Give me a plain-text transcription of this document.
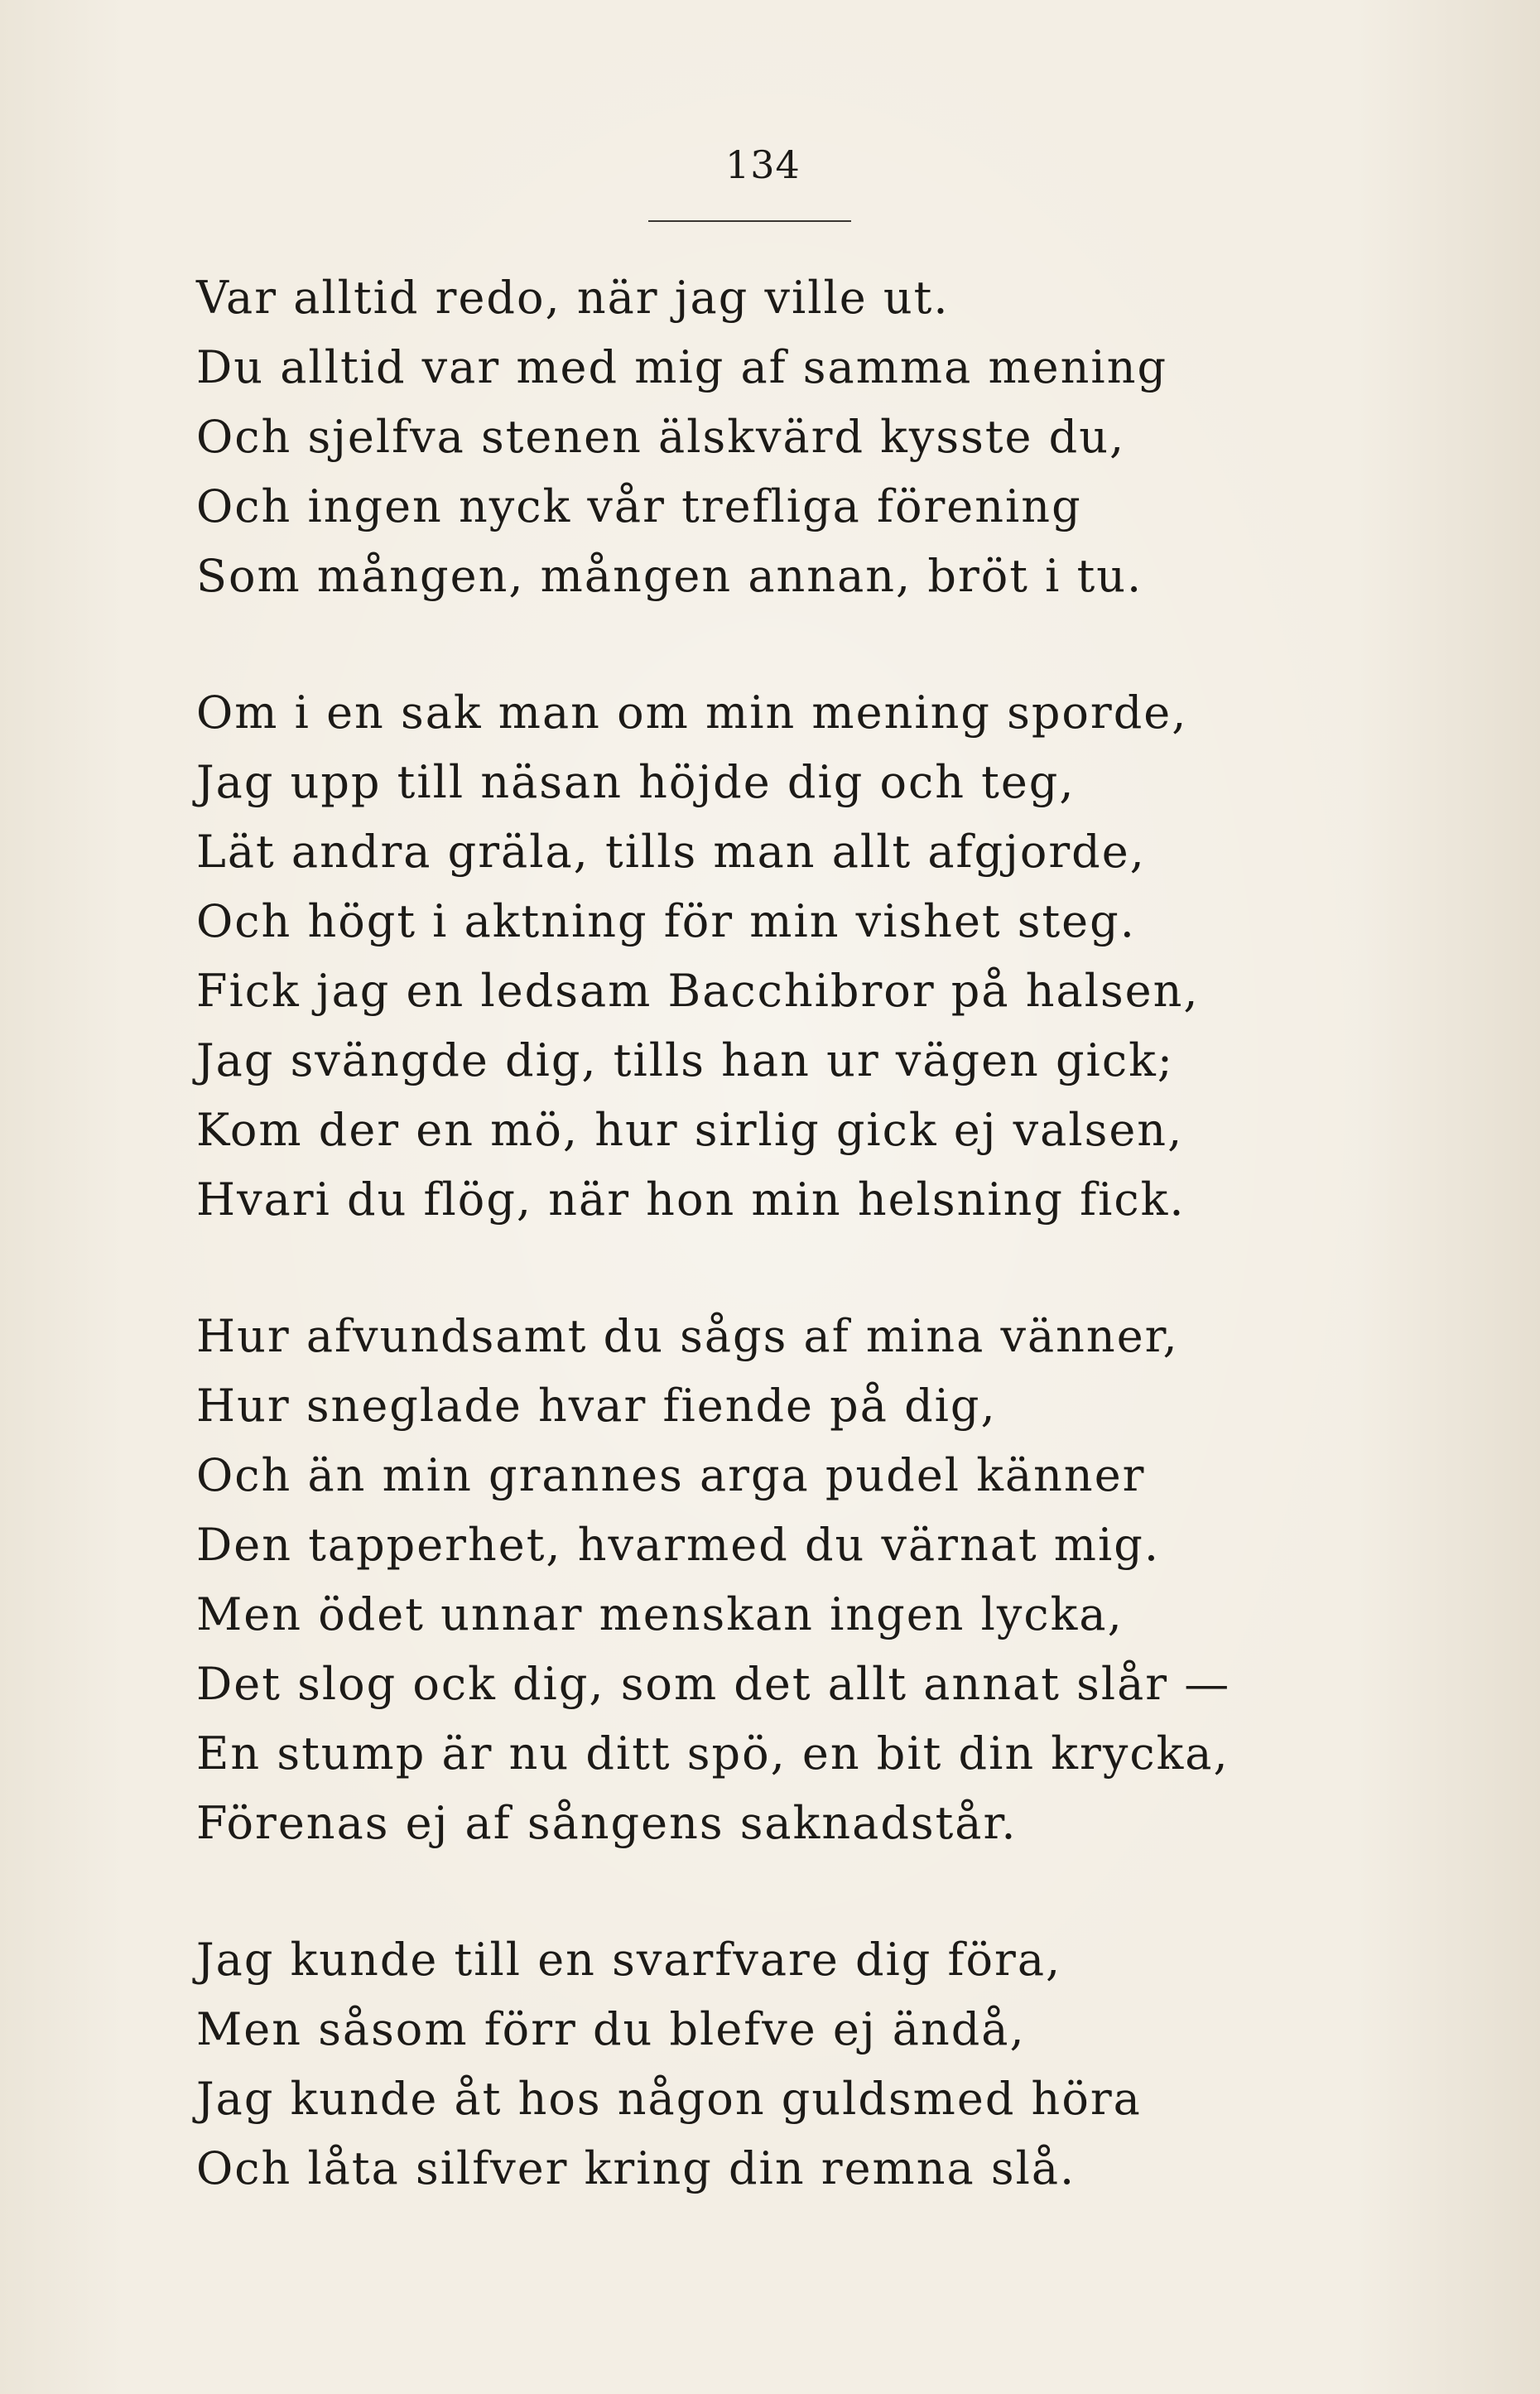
134
Var alltid redo, när jag ville ut.
Du alltid var med mig af samma mening
Och sjelfva stenen älskvärd kysste du,
Och ingen nyck vår trefliga förening
Som mången, mången annan, bröt i tu.
Om i en sak man om min mening sporde,
Jag upp till näsan höjde dig och teg,
Lät andra gräla, tills man allt afgjorde,
Och högt i aktning för min vishet steg.
Fick jag en ledsam Bacchibror på halsen,
Jag svängde dig, tills han ur vägen gick;
Kom der en mö, hur sirlig gick ej valsen,
Hvari du flög, när hon min helsning fick.
Hur afvundsamt du sågs af mina vänner,
Hur sneglade hvar fiende på dig,
Och än min grannes arga pudel känner
Den tapperhet, hvarmed du värnat mig.
Men ödet unnar menskan ingen lycka,
Det slog ock dig, som det allt annat slår —
En stump är nu ditt spö, en bit din krycka,
Förenas ej af sångens saknadstår.
Jag kunde till en svarfvare dig föra,
Men såsom förr du blefve ej ändå,
Jag kunde åt hos någon guldsmed höra
Och låta silfver kring din remna slå.
